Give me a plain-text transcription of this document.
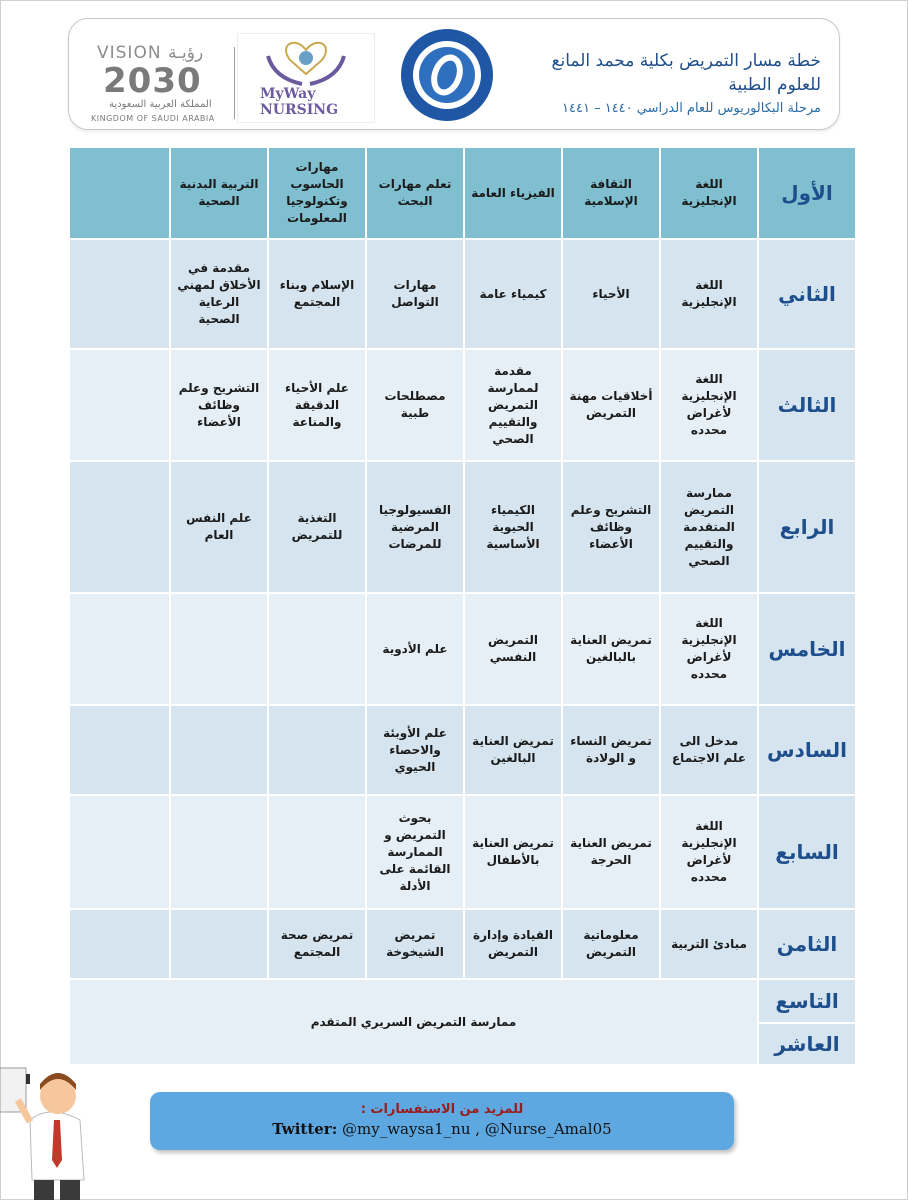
VISION رؤيـة
2030
المملكة العربية السعودية
KINGDOM OF SAUDI ARABIA
MyWay NURSING
خطة مسار التمريض بكلية محمد المانع
للعلوم الطبية
مرحلة البكالوريوس للعام الدراسي ١٤٤٠ – ١٤٤١
الأول	اللغة الإنجليزية	الثقافة الإسلامية	الفيزياء العامة	تعلم مهارات البحث	مهارات الحاسوب وتكنولوجيا المعلومات	التربية البدنية الصحية	
الثاني	اللغة الإنجليزية	الأحياء	كيمياء عامة	مهارات التواصل	الإسلام وبناء المجتمع	مقدمة في الأخلاق لمهني الرعاية الصحية	
الثالث	اللغة الإنجليزية لأغراض محدده	أخلاقيات مهنة التمريض	مقدمة لممارسة التمريض والتقييم الصحي	مصطلحات طبية	علم الأحياء الدقيقة والمناعة	التشريح وعلم وظائف الأعضاء	
الرابع	ممارسة التمريض المتقدمة والتقييم الصحي	التشريح وعلم وظائف الأعضاء	الكيمياء الحيوية الأساسية	الفسيولوجيا المرضية للمرضات	التغذية للتمريض	علم النفس العام	
الخامس	اللغة الإنجليزية لأغراض محدده	تمريض العناية بالبالغين	التمريض النفسي	علم الأدوية			
السادس	مدخل الى علم الاجتماع	تمريض النساء و الولادة	تمريض العناية البالغين	علم الأوبئة والاحصاء الحيوي			
السابع	اللغة الإنجليزية لأغراض محدده	تمريض العناية الحرجة	تمريض العناية بالأطفال	بحوث التمريض و الممارسة القائمة على الأدلة			
الثامن	مبادئ التربية	معلوماتية التمريض	القيادة وإدارة التمريض	تمريض الشيخوخة	تمريض صحة المجتمع		
التاسع	ممارسة التمريض السريري المتقدم						
العاشر							
للمزيد من الاستفسارات :
Twitter: @my_waysa1_nu , @Nurse_Amal05
